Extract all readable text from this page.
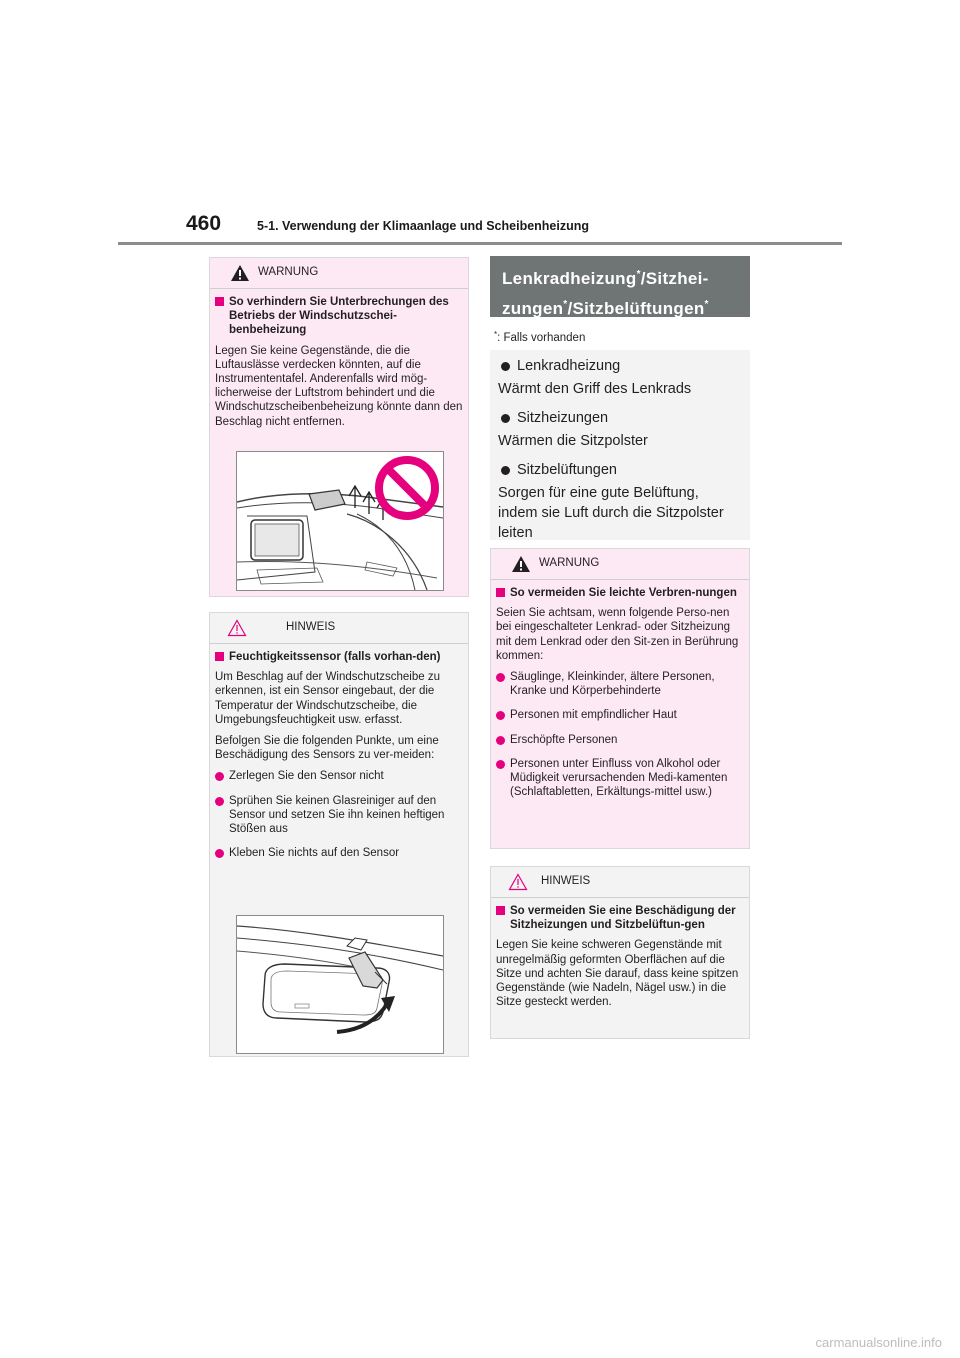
460	5-1. Verwendung der Klimaanlage und Scheibenheizung
WARNUNG
So verhindern Sie Unterbrechungen des Betriebs der Windschutzschei-benbeheizung
Legen Sie keine Gegenstände, die die Luftauslässe verdecken könnten, auf die Instrumententafel. Anderenfalls wird mög-licherweise der Luftstrom behindert und die Windschutzscheibenbeheizung könnte dann den Beschlag nicht entfernen.
HINWEIS
Feuchtigkeitssensor (falls vorhan-den)
Um Beschlag auf der Windschutzscheibe zu erkennen, ist ein Sensor eingebaut, der die Temperatur der Windschutzscheibe, die Umgebungsfeuchtigkeit usw. erfasst.
Befolgen Sie die folgenden Punkte, um eine Beschädigung des Sensors zu ver-meiden:
Zerlegen Sie den Sensor nicht
Sprühen Sie keinen Glasreiniger auf den Sensor und setzen Sie ihn keinen heftigen Stößen aus
Kleben Sie nichts auf den Sensor
Lenkradheizung*/Sitzhei-
zungen*/Sitzbelüftungen*
*: Falls vorhanden
Lenkradheizung
Wärmt den Griff des Lenkrads
Sitzheizungen
Wärmen die Sitzpolster
Sitzbelüftungen
Sorgen für eine gute Belüftung, indem sie Luft durch die Sitzpolster leiten
WARNUNG
So vermeiden Sie leichte Verbren-nungen
Seien Sie achtsam, wenn folgende Perso-nen bei eingeschalteter Lenkrad- oder Sitzheizung mit dem Lenkrad oder den Sit-zen in Berührung kommen:
Säuglinge, Kleinkinder, ältere Personen, Kranke und Körperbehinderte
Personen mit empfindlicher Haut
Erschöpfte Personen
Personen unter Einfluss von Alkohol oder Müdigkeit verursachenden Medi-kamenten (Schlaftabletten, Erkältungs-mittel usw.)
HINWEIS
So vermeiden Sie eine Beschädigung der Sitzheizungen und Sitzbelüftun-gen
Legen Sie keine schweren Gegenstände mit unregelmäßig geformten Oberflächen auf die Sitze und achten Sie darauf, dass keine spitzen Gegenstände (wie Nadeln, Nägel usw.) in die Sitze gesteckt werden.
carmanualsonline.info
